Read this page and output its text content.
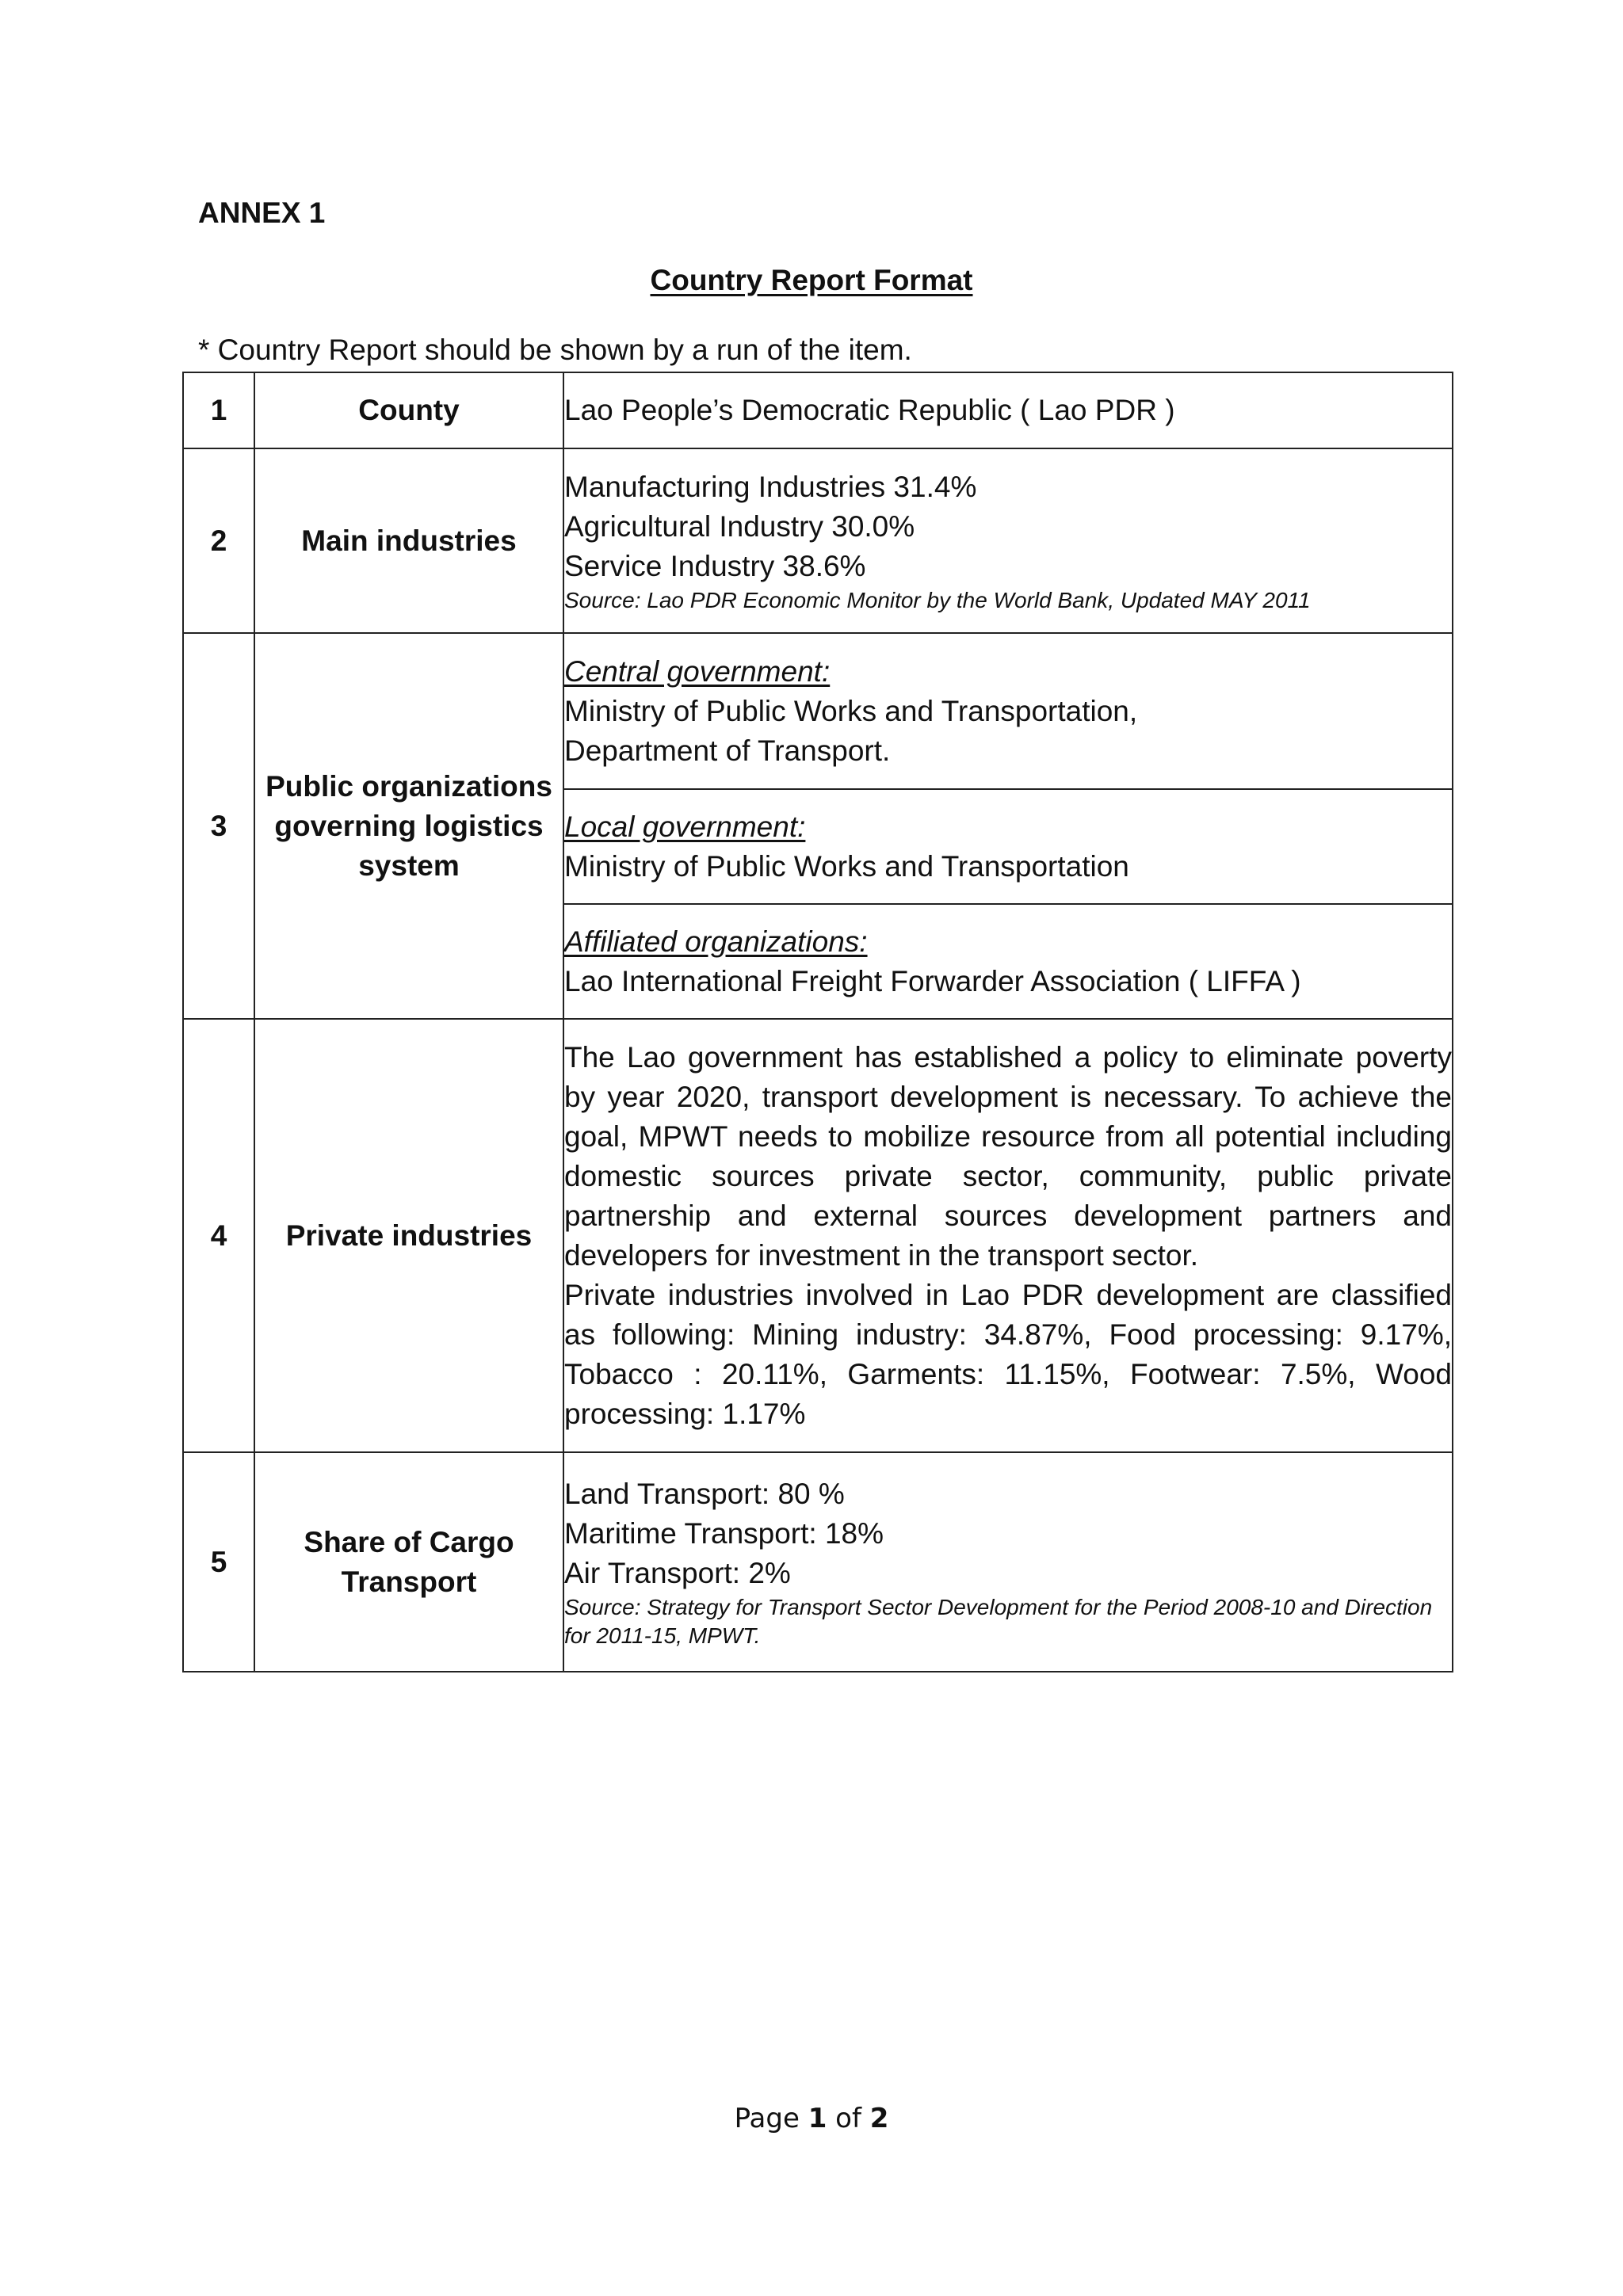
ANNEX 1
Country Report Format
* Country Report should be shown by a run of the item.
1	County	Lao People’s Democratic Republic ( Lao PDR )
2	Main industries	Manufacturing Industries 31.4%
Agricultural Industry 30.0%
Service Industry 38.6%
Source: Lao PDR Economic Monitor by the World Bank, Updated MAY 2011

3	Public organizations governing logistics system	Central government:
Ministry of Public Works and Transportation,
Department of Transport.

		Local government:
Ministry of Public Works and Transportation

		Affiliated organizations:
Lao International Freight Forwarder Association ( LIFFA )

4	Private industries	The Lao government has established a policy to eliminate poverty by year 2020, transport development is necessary. To achieve the goal, MPWT needs to mobilize resource from all potential including domestic sources private sector, community, public private partnership and external sources development partners and developers for investment in the transport sector.
Private industries involved in Lao PDR development are classified as following: Mining industry: 34.87%, Food processing: 9.17%, Tobacco : 20.11%, Garments: 11.15%, Footwear: 7.5%, Wood processing: 1.17%

5	Share of Cargo Transport	Land Transport: 80 %
Maritime Transport: 18%
Air Transport: 2%
Source: Strategy for Transport Sector Development for the Period 2008-10 and Direction for 2011-15, MPWT.
Page 1 of 2
